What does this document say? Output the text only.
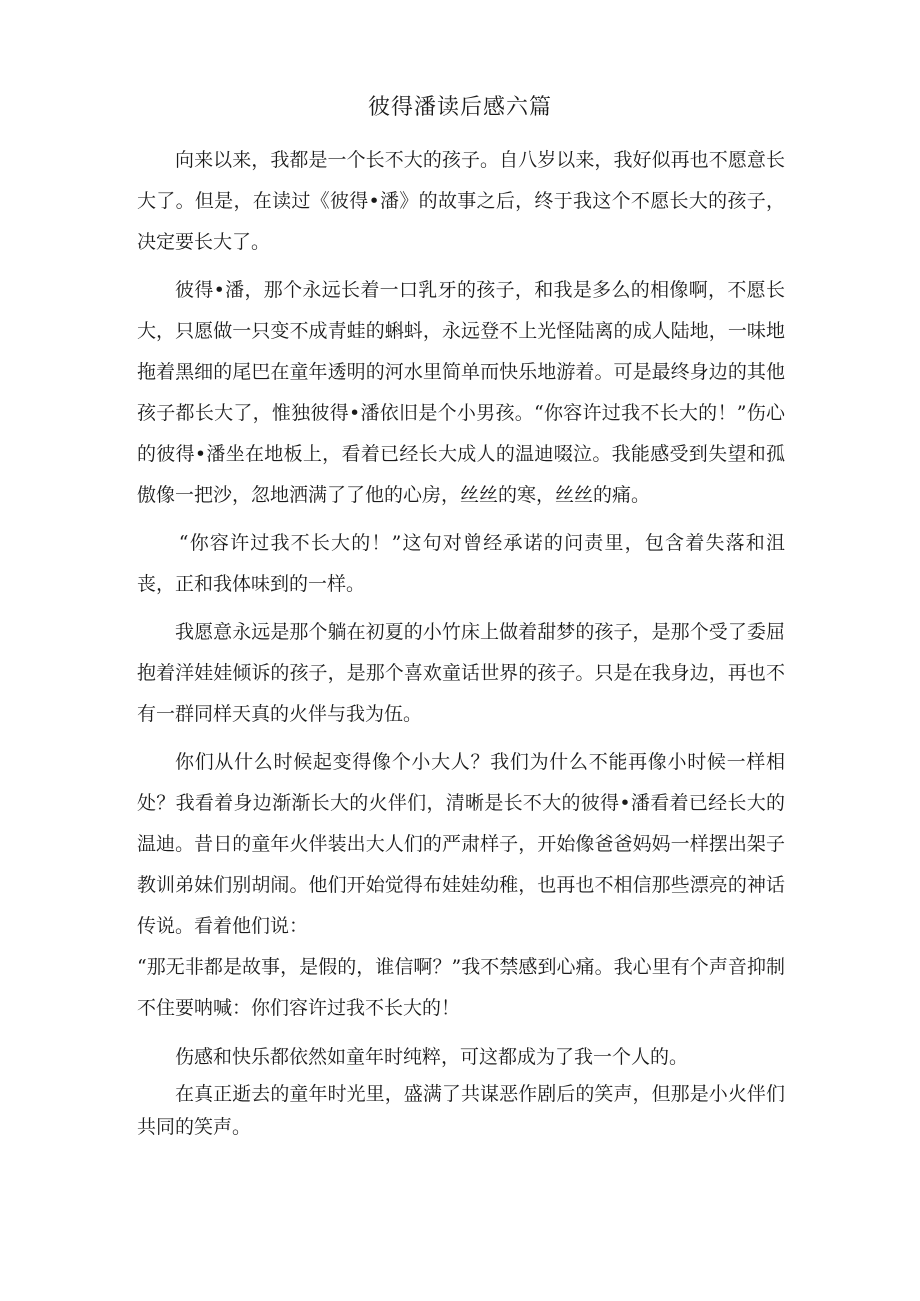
彼得潘读后感六篇

向来以来，我都是一个长不大的孩子。自八岁以来，我好似再也不愿意长大了。但是，在读过《彼得•潘》的故事之后，终于我这个不愿长大的孩子，决定要长大了。

彼得•潘，那个永远长着一口乳牙的孩子，和我是多么的相像啊，不愿长大，只愿做一只变不成青蛙的蝌蚪，永远登不上光怪陆离的成人陆地，一味地拖着黑细的尾巴在童年透明的河水里简单而快乐地游着。可是最终身边的其他孩子都长大了，惟独彼得•潘依旧是个小男孩。“你容许过我不长大的！”伤心的彼得•潘坐在地板上，看着已经长大成人的温迪啜泣。我能感受到失望和孤傲像一把沙，忽地洒满了了他的心房，丝丝的寒，丝丝的痛。

“你容许过我不长大的！”这句对曾经承诺的问责里，包含着失落和沮丧，正和我体味到的一样。

我愿意永远是那个躺在初夏的小竹床上做着甜梦的孩子，是那个受了委屈抱着洋娃娃倾诉的孩子，是那个喜欢童话世界的孩子。只是在我身边，再也不有一群同样天真的火伴与我为伍。

你们从什么时候起变得像个小大人？我们为什么不能再像小时候一样相处？我看着身边渐渐长大的火伴们，清晰是长不大的彼得•潘看着已经长大的温迪。昔日的童年火伴装出大人们的严肃样子，开始像爸爸妈妈一样摆出架子教训弟妹们别胡闹。他们开始觉得布娃娃幼稚，也再也不相信那些漂亮的神话传说。看着他们说：

“那无非都是故事，是假的，谁信啊？”我不禁感到心痛。我心里有个声音抑制不住要呐喊：你们容许过我不长大的！

伤感和快乐都依然如童年时纯粹，可这都成为了我一个人的。

在真正逝去的童年时光里，盛满了共谋恶作剧后的笑声，但那是小火伴们共同的笑声。
